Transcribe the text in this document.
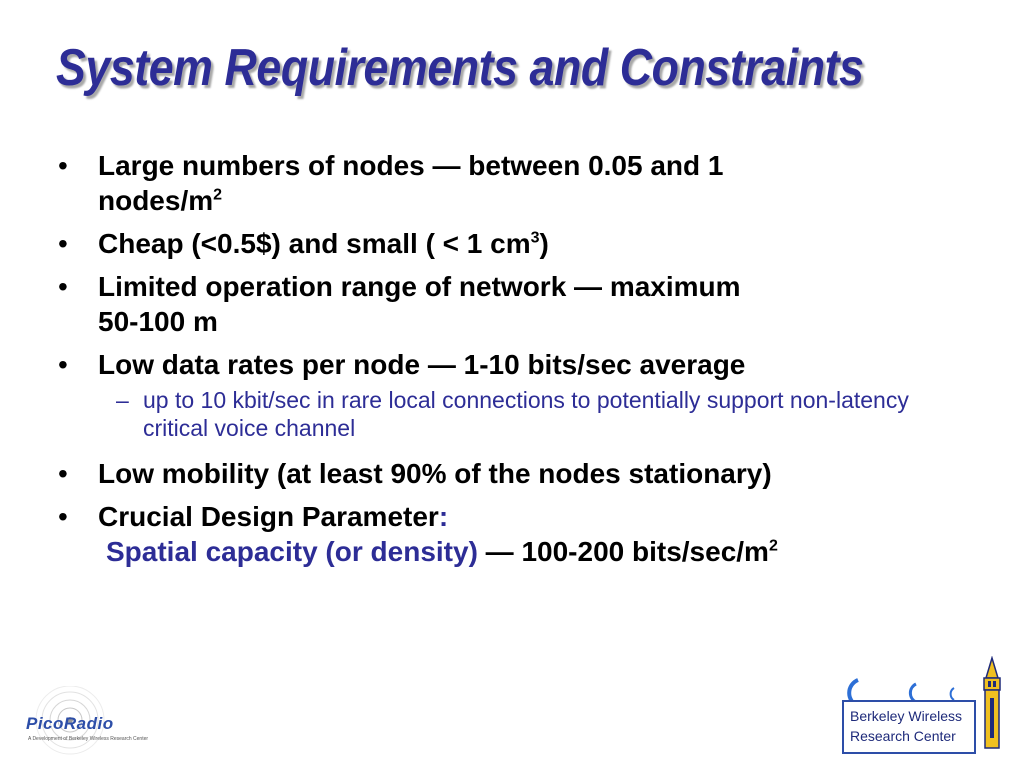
System Requirements and Constraints
• Large numbers of nodes — between 0.05 and 1
nodes/$m^2$
• Cheap (<0.5$) and small ( < 1 $cm^3$)
• Limited operation range of network — maximum
50-100 m
• Low data rates per node — 1-10 bits/sec average
– up to 10 kbit/sec in rare local connections to potentially support non-latency critical voice channel
• Low mobility (at least 90% of the nodes stationary)
• Crucial Design Parameter:
Spatial capacity (or density) — 100-200 bits/$\sec/m^2$
PicoRadio
A Development of Berkeley Wireless Research Center
Berkeley Wireless
Research Center
